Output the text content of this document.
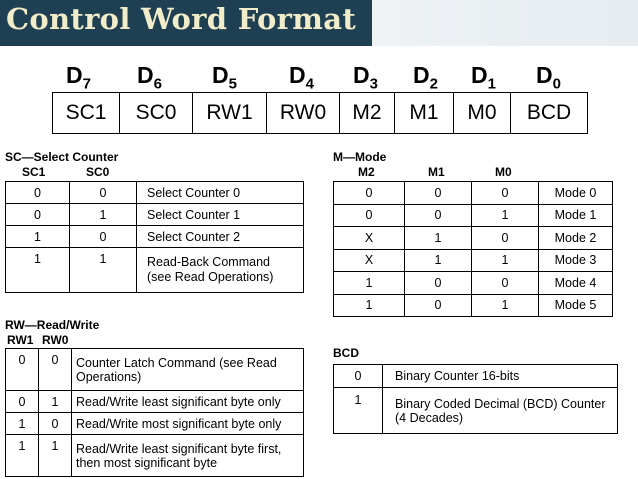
Control Word Format
$D_7$ $D_6$ $D_5$ $D_4$ $D_3$ $D_2$ $D_1$ $D_0$
SC1	SC0	RW1	RW0	M2	M1	M0	BCD
SC—Select Counter
SC1	SC0
0	0	Select Counter 0
0	1	Select Counter 1
1	0	Select Counter 2
1	1	Read-Back Command
(see Read Operations)
M—Mode
M2	M1	M0
0	0	0	Mode 0
0	0	1	Mode 1
X	1	0	Mode 2
X	1	1	Mode 3
1	0	0	Mode 4
1	0	1	Mode 5
RW—Read/Write
RW1 RW0
0	0	Counter Latch Command (see Read
Operations)
0	1	Read/Write least significant byte only
1	0	Read/Write most significant byte only
1	1	Read/Write least significant byte first,
then most significant byte
BCD
0	Binary Counter 16-bits
1	Binary Coded Decimal (BCD) Counter
(4 Decades)
